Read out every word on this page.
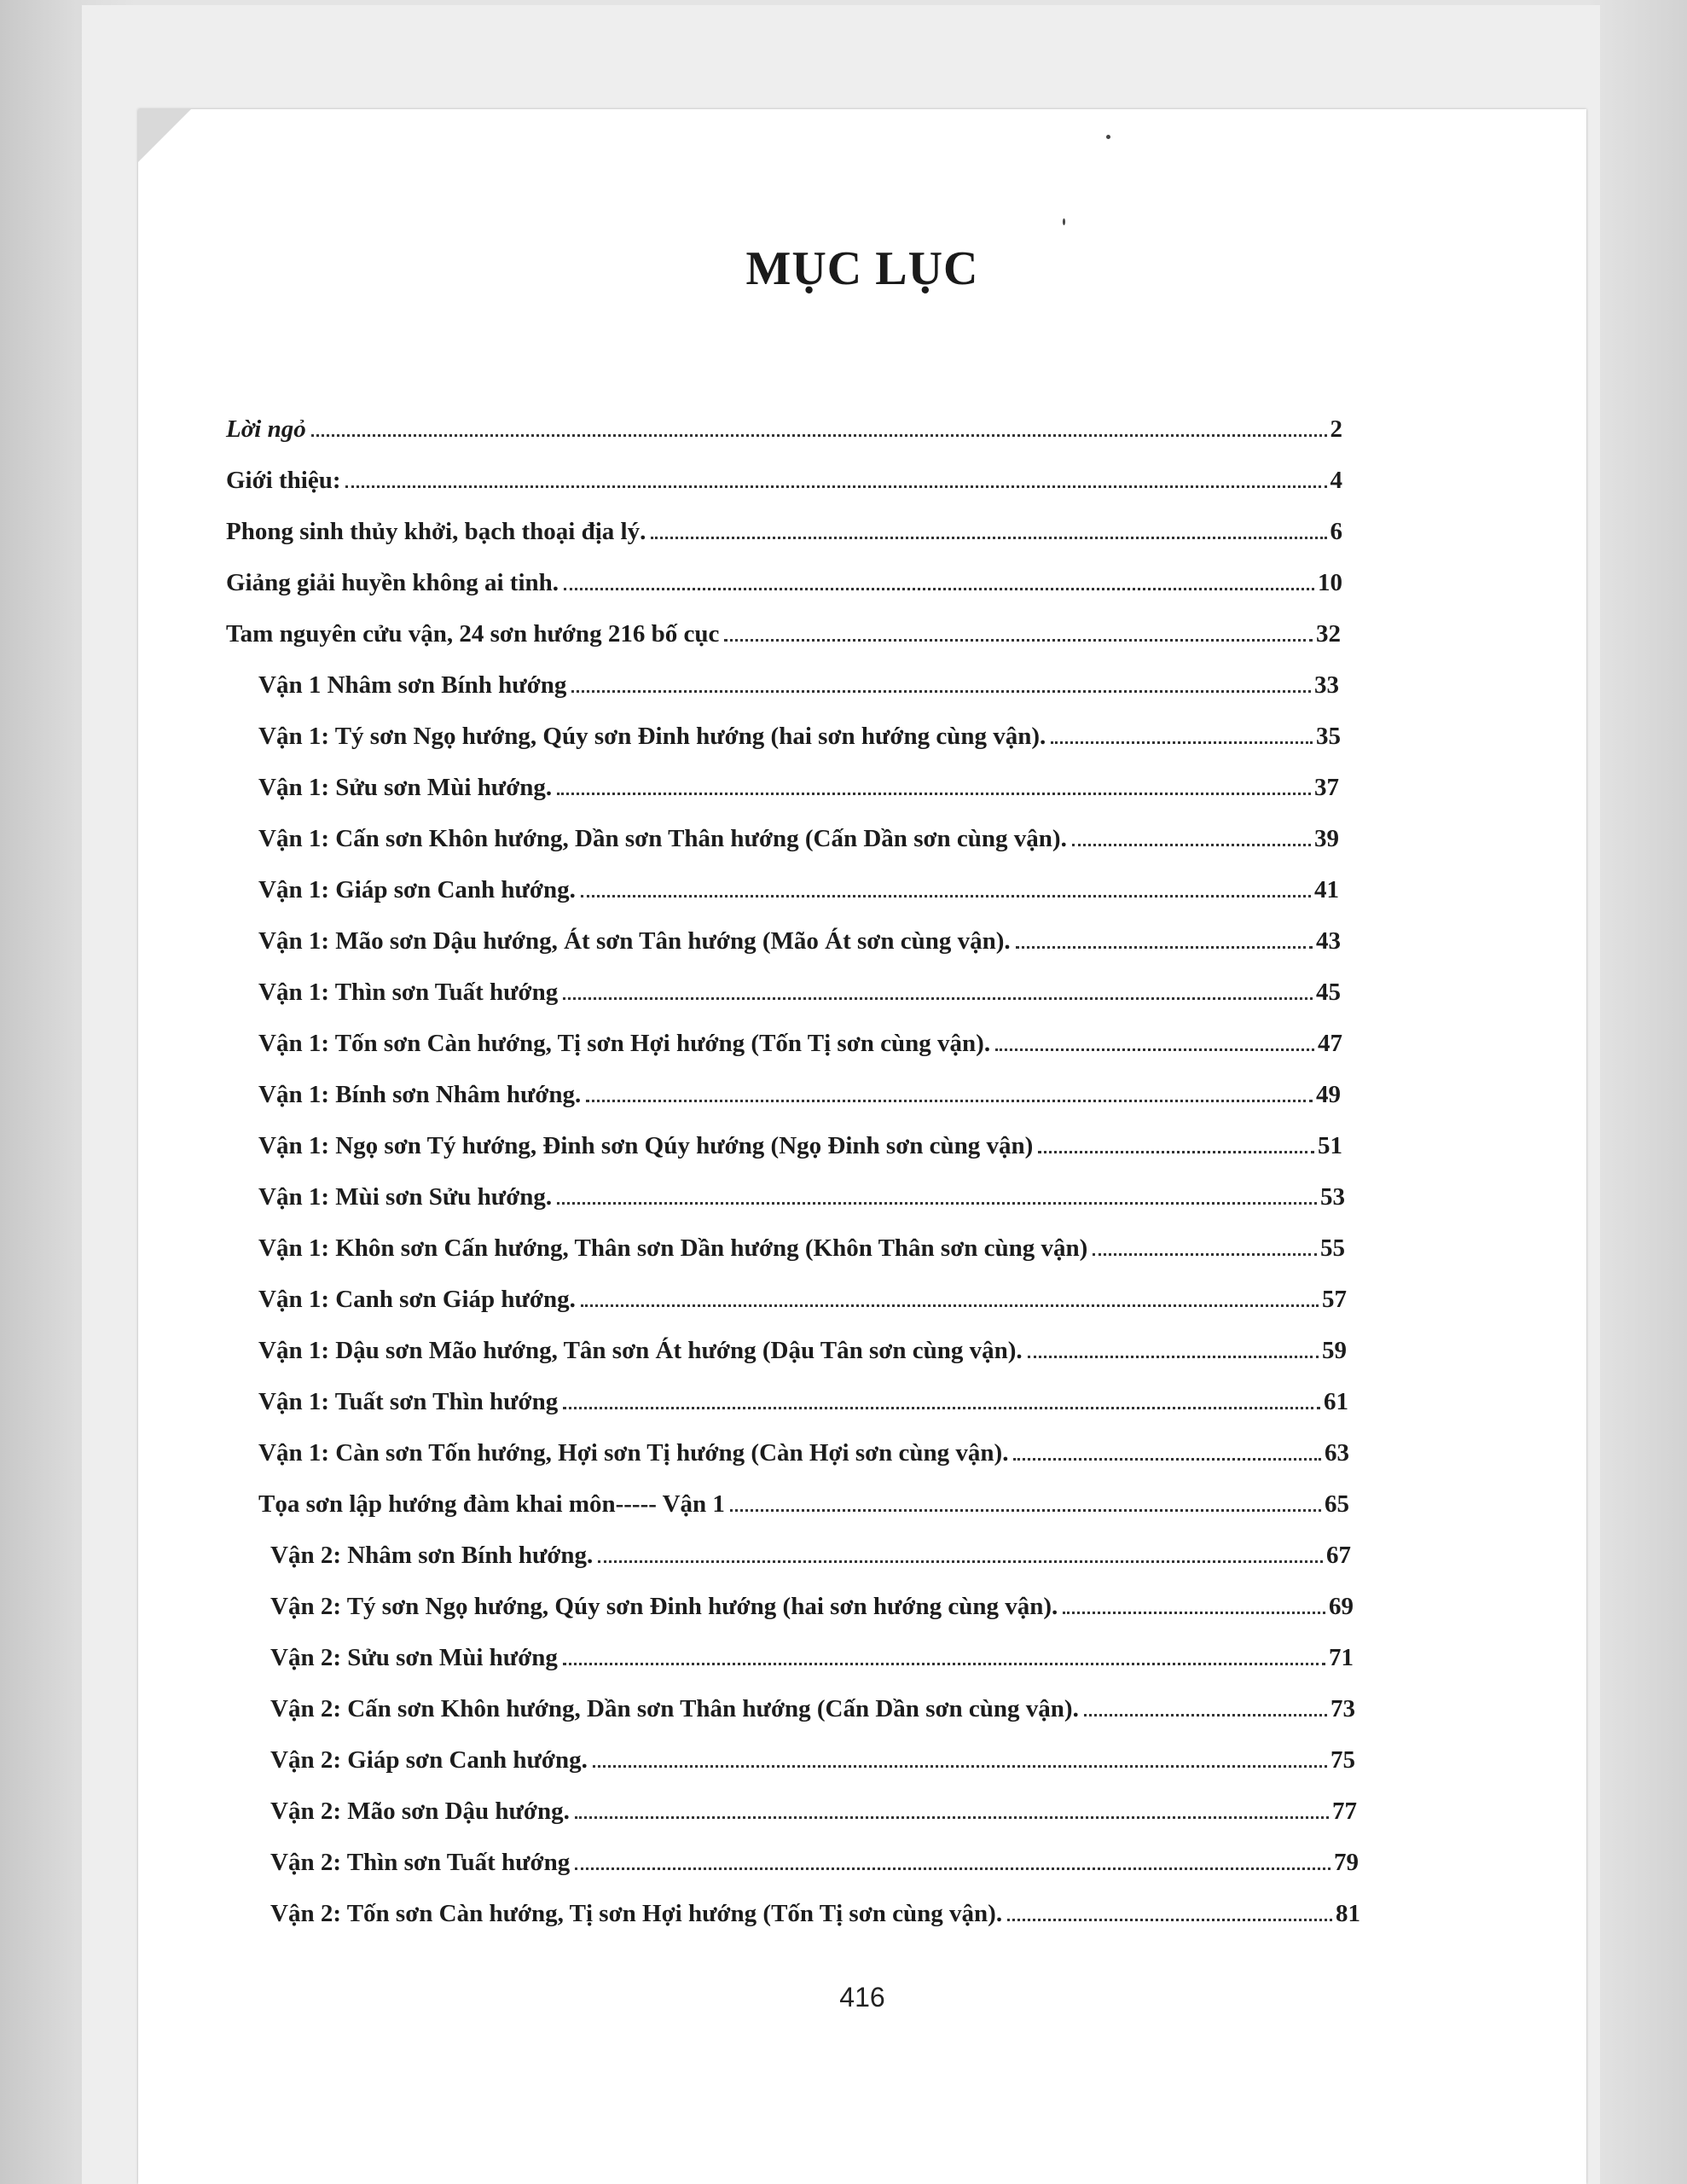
MỤC LỤC
Lời ngỏ	2
Giới thiệu:	4
Phong sinh thủy khởi, bạch thoại địa lý.	6
Giảng giải huyền không ai tinh.	10
Tam nguyên cửu vận, 24 sơn hướng 216 bố cục	32
Vận 1 Nhâm sơn Bính hướng	33
Vận 1: Tý sơn Ngọ hướng, Qúy sơn Đinh hướng (hai sơn hướng cùng vận).	35
Vận 1: Sửu sơn Mùi hướng.	37
Vận 1: Cấn sơn Khôn hướng, Dần sơn Thân hướng (Cấn Dần sơn cùng vận).	39
Vận 1: Giáp sơn Canh hướng.	41
Vận 1: Mão sơn Dậu hướng, Át sơn Tân hướng (Mão Át sơn cùng vận).	43
Vận 1: Thìn sơn Tuất hướng	45
Vận 1: Tốn sơn Càn hướng, Tị sơn Hợi hướng (Tốn Tị sơn cùng vận).	47
Vận 1: Bính sơn Nhâm hướng.	49
Vận 1: Ngọ sơn Tý hướng, Đinh sơn Qúy hướng (Ngọ Đinh sơn cùng vận)	51
Vận 1: Mùi sơn Sửu hướng.	53
Vận 1: Khôn sơn Cấn hướng, Thân sơn Dần hướng (Khôn Thân sơn cùng vận)	55
Vận 1: Canh sơn Giáp hướng.	57
Vận 1: Dậu sơn Mão hướng, Tân sơn Át hướng (Dậu Tân sơn cùng vận).	59
Vận 1: Tuất sơn Thìn hướng	61
Vận 1: Càn sơn Tốn hướng, Hợi sơn Tị hướng (Càn Hợi sơn cùng vận).	63
Tọa sơn lập hướng đàm khai môn----- Vận 1	65
Vận 2: Nhâm sơn Bính hướng.	67
Vận 2: Tý sơn Ngọ hướng, Qúy sơn Đinh hướng (hai sơn hướng cùng vận).	69
Vận 2: Sửu sơn Mùi hướng	71
Vận 2: Cấn sơn Khôn hướng, Dần sơn Thân hướng (Cấn Dần sơn cùng vận).	73
Vận 2: Giáp sơn Canh hướng.	75
Vận 2: Mão sơn Dậu hướng.	77
Vận 2: Thìn sơn Tuất hướng	79
Vận 2: Tốn sơn Càn hướng, Tị sơn Hợi hướng (Tốn Tị sơn cùng vận).	81
416
